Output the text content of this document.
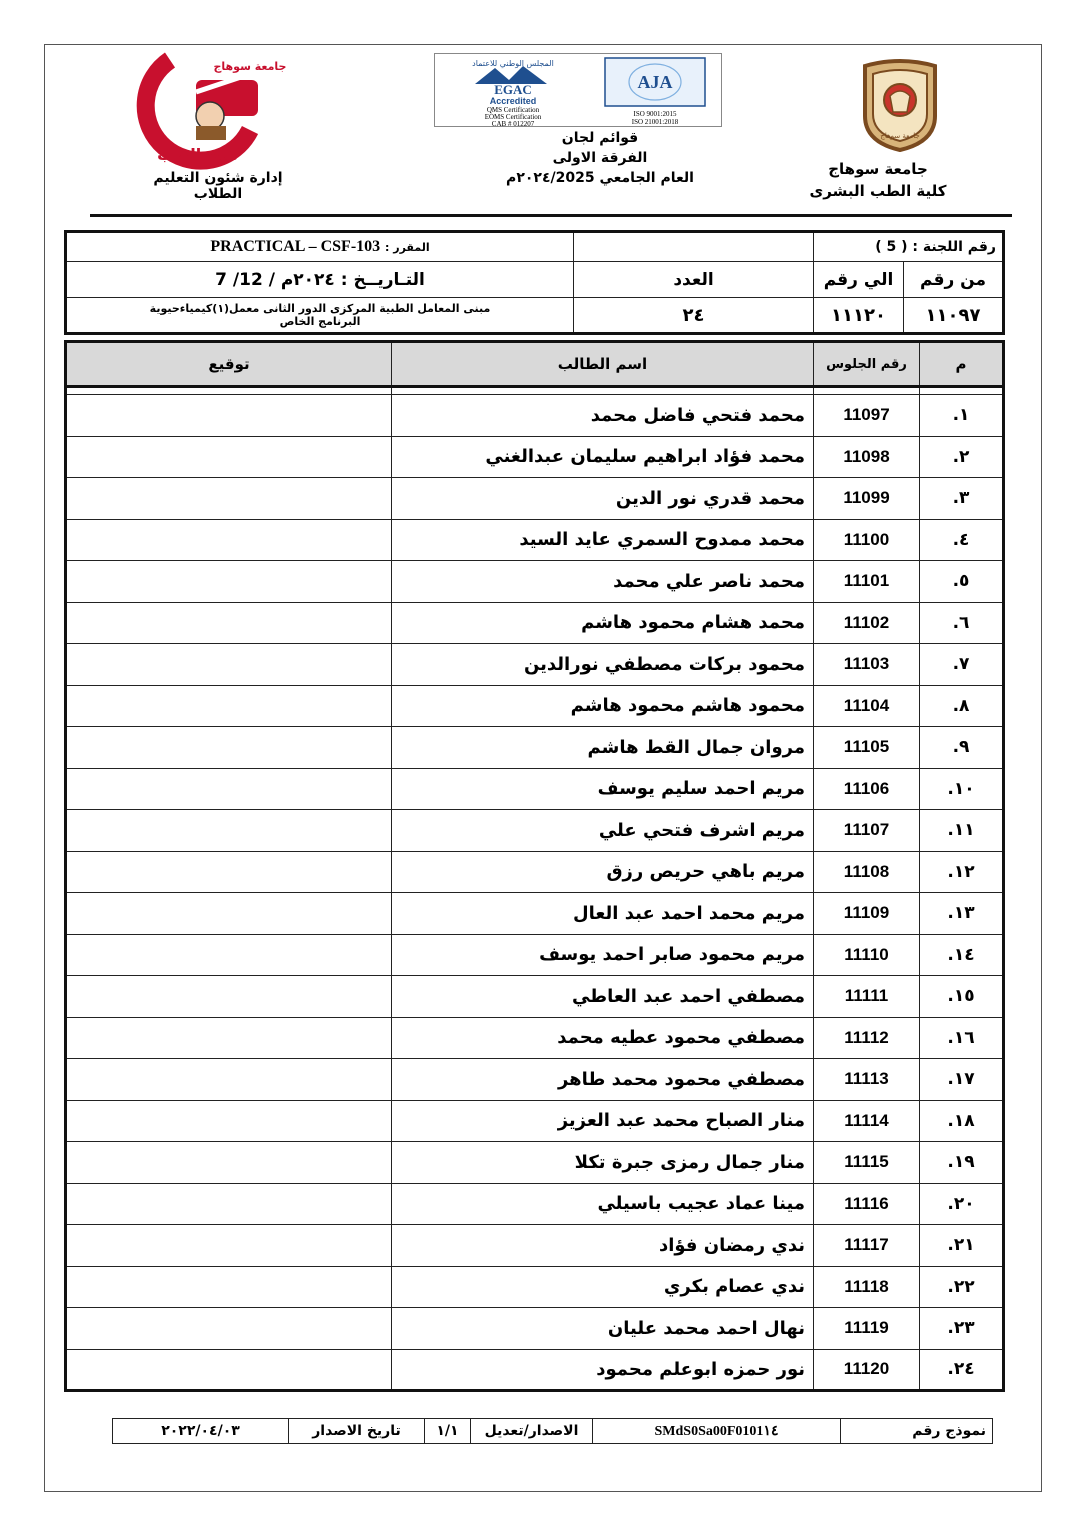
جامعة سوهاج
كلية الطب
جامعة سوهاج	المجلس الوطني للاعتماد
EGAC
Accredited
QMS Certification
EOMS Certification
CAB # 012207
AJA
ISO 9001:2015
ISO 21001:2018
جامعة سوهاج
كلية الطب البشرى
قوائم لجان
الفرقة الاولى
العام الجامعي ٢٠٢٤/2025م
إدارة شئون التعليم الطلاب
رقم اللجنة : ( 5 )			المقرر : PRACTICAL – CSF-103
من رقم	الي رقم	العدد	التـاريــخ : 7 /12 / ٢٠٢٤م
١١٠٩٧	١١١٢٠	٢٤	مبنى المعامل الطبية المركزى الدور الثانى معمل(١)كيمياءحيوية
البرنامج الخاص
م	رقم الجلوس	اسم الطالب	توقيع

١.	11097	محمد فتحي فاضل محمد	
٢.	11098	محمد فؤاد ابراهيم سليمان عبدالغني	
٣.	11099	محمد قدري نور الدين	
٤.	11100	محمد ممدوح السمري عايد السيد	
٥.	11101	محمد ناصر علي محمد	
٦.	11102	محمد هشام محمود هاشم	
٧.	11103	محمود بركات مصطفي نورالدين	
٨.	11104	محمود هاشم محمود هاشم	
٩.	11105	مروان جمال القط هاشم	
١٠.	11106	مريم احمد سليم يوسف	
١١.	11107	مريم اشرف فتحي علي	
١٢.	11108	مريم باهي حريص رزق	
١٣.	11109	مريم محمد احمد عبد العال	
١٤.	11110	مريم محمود صابر احمد يوسف	
١٥.	11111	مصطفي احمد عبد العاطي	
١٦.	11112	مصطفي محمود عطيه محمد	
١٧.	11113	مصطفي محمود محمد طاهر	
١٨.	11114	منار الصباح محمد عبد العزيز	
١٩.	11115	منار جمال رمزى جبرة تكلا	
٢٠.	11116	مينا عماد عجيب باسيلي	
٢١.	11117	ندي رمضان فؤاد	
٢٢.	11118	ندي عصام بكري	
٢٣.	11119	نهال احمد محمد عليان	
٢٤.	11120	نور حمزه ابوعلم محمود	
نموذج رقم	SMdS0Sa00F0101١٤	الاصدار/تعديل	١/١	تاريخ الاصدار	٢٠٢٢/٠٤/٠٣
